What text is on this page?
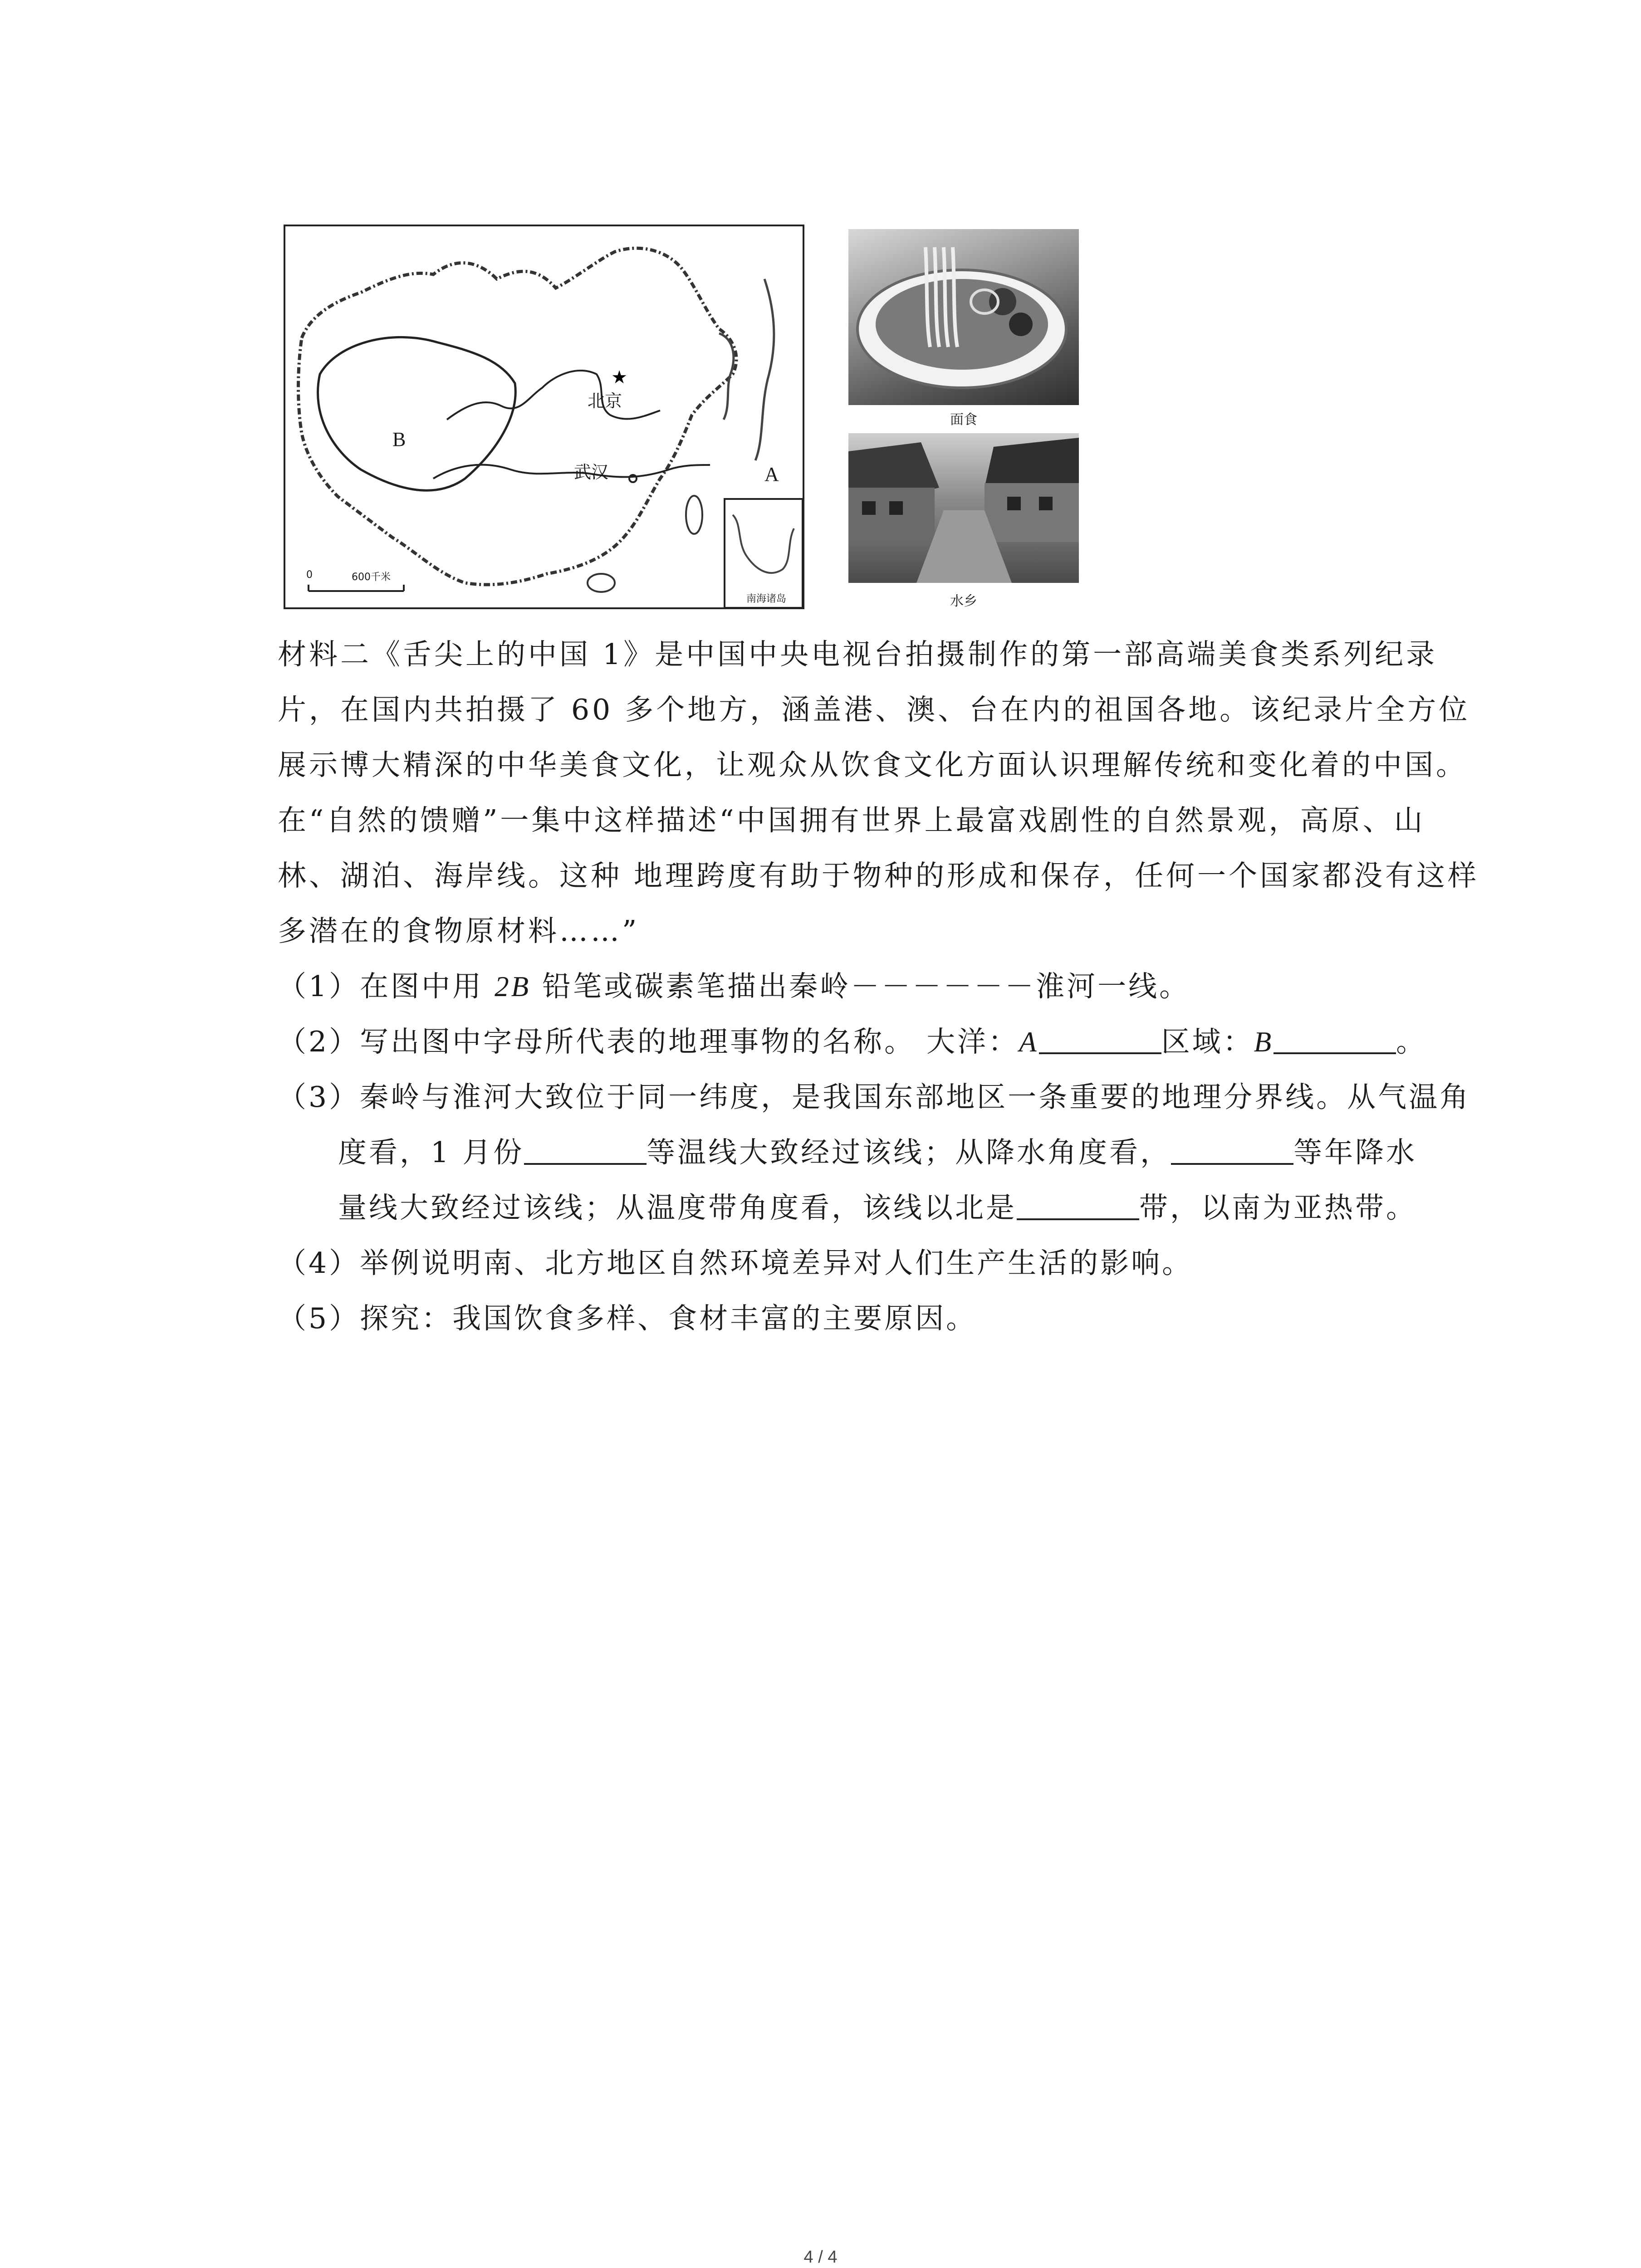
★
北京
武汉
B
A
0	600千米
南海诸岛
面食
水乡
材料二《舌尖上的中国 1》是中国中央电视台拍摄制作的第一部高端美食类系列纪录
片，在国内共拍摄了 60 多个地方，涵盖港、澳、台在内的祖国各地。该纪录片全方位
展示博大精深的中华美食文化，让观众从饮食文化方面认识理解传统和变化着的中国。
在“自然的馈赠”一集中这样描述“中国拥有世界上最富戏剧性的自然景观，高原、山
林、湖泊、海岸线。这种 地理跨度有助于物种的形成和保存，任何一个国家都没有这样
多潜在的食物原材料……”
（1）在图中用 2B 铅笔或碳素笔描出秦岭－－－－－－淮河一线。
（2）写出图中字母所代表的地理事物的名称。 大洋：A	区域：B	。
（3）秦岭与淮河大致位于同一纬度，是我国东部地区一条重要的地理分界线。从气温角
度看，1 月份	等温线大致经过该线；从降水角度看，	等年降水
量线大致经过该线；从温度带角度看，该线以北是	带，以南为亚热带。
（4）举例说明南、北方地区自然环境差异对人们生产生活的影响。
（5）探究：我国饮食多样、食材丰富的主要原因。
4 / 4
